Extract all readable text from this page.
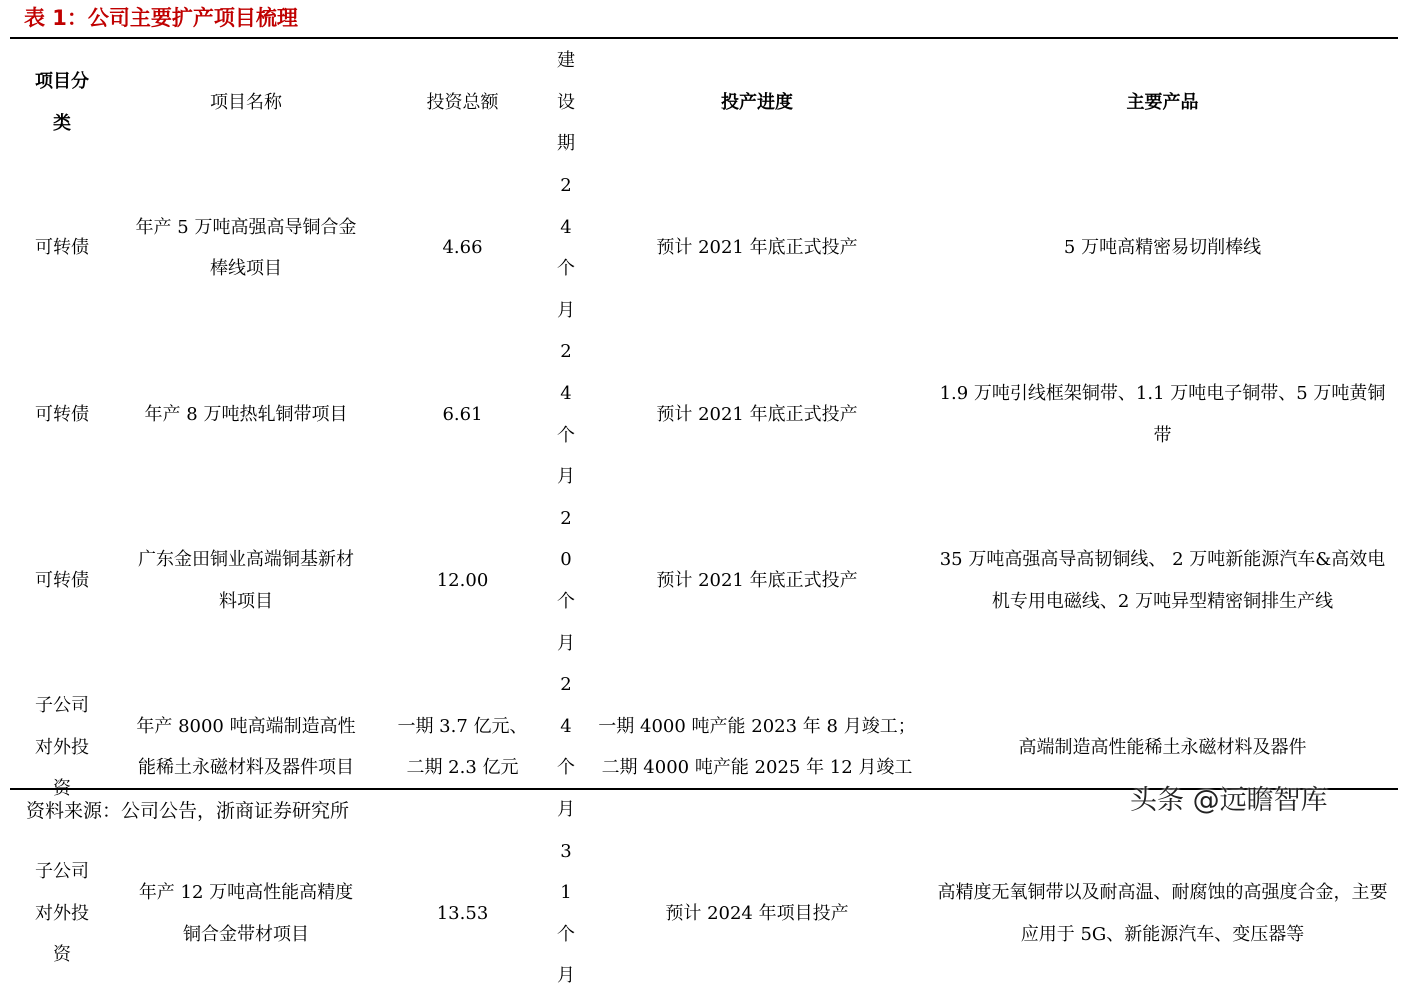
表 1：公司主要扩产项目梳理
项目分类	项目名称	投资总额	建设期	投产进度	主要产品
可转债	年产 5 万吨高强高导铜合金棒线项目	4.66	24个月	预计 2021 年底正式投产	5 万吨高精密易切削棒线
可转债	年产 8 万吨热轧铜带项目	6.61	24个月	预计 2021 年底正式投产	1.9 万吨引线框架铜带、1.1 万吨电子铜带、5 万吨黄铜带
可转债	广东金田铜业高端铜基新材料项目	12.00	20个月	预计 2021 年底正式投产	35 万吨高强高导高韧铜线、 2 万吨新能源汽车&高效电机专用电磁线、2 万吨异型精密铜排生产线
子公司对外投资	年产 8000 吨高端制造高性能稀土永磁材料及器件项目	一期 3.7 亿元、二期 2.3 亿元	24个月	一期 4000 吨产能 2023 年 8 月竣工；二期 4000 吨产能 2025 年 12 月竣工	高端制造高性能稀土永磁材料及器件
子公司对外投资	年产 12 万吨高性能高精度铜合金带材项目	13.53	31个月	预计 2024 年项目投产	高精度无氧铜带以及耐高温、耐腐蚀的高强度合金，主要应用于 5G、新能源汽车、变压器等
资料来源：公司公告，浙商证券研究所	头条 @远瞻智库
